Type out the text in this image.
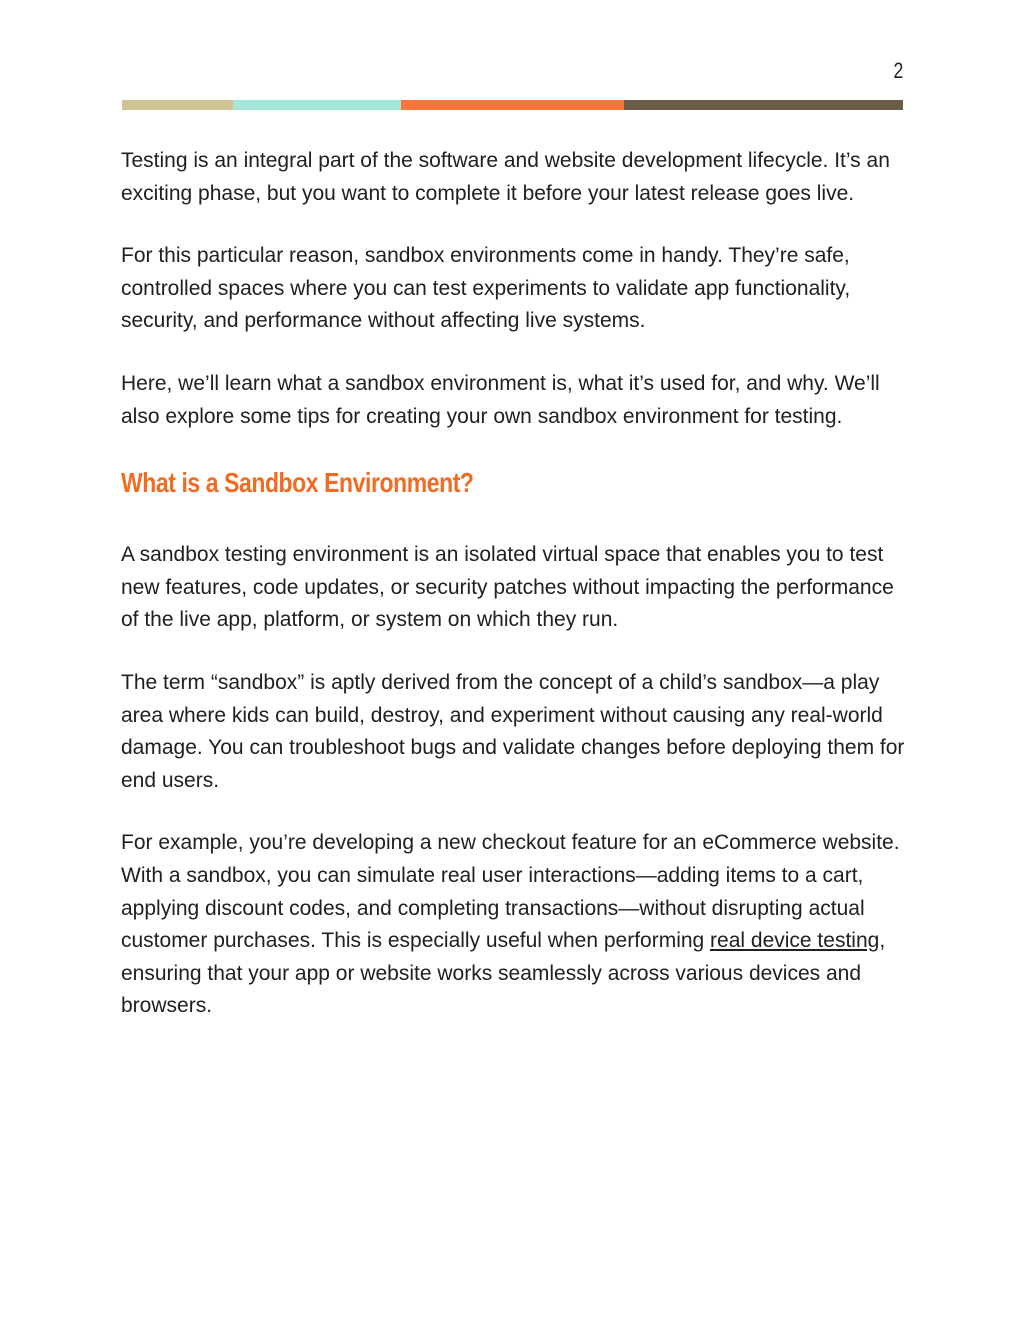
2

Testing is an integral part of the software and website development lifecycle. It’s an exciting phase, but you want to complete it before your latest release goes live.

For this particular reason, sandbox environments come in handy. They’re safe, controlled spaces where you can test experiments to validate app functionality, security, and performance without affecting live systems.

Here, we’ll learn what a sandbox environment is, what it’s used for, and why. We’ll also explore some tips for creating your own sandbox environment for testing.

What is a Sandbox Environment?

A sandbox testing environment is an isolated virtual space that enables you to test new features, code updates, or security patches without impacting the performance of the live app, platform, or system on which they run.

The term “sandbox” is aptly derived from the concept of a child’s sandbox—a play area where kids can build, destroy, and experiment without causing any real-world damage. You can troubleshoot bugs and validate changes before deploying them for end users.

For example, you’re developing a new checkout feature for an eCommerce website. With a sandbox, you can simulate real user interactions—adding items to a cart, applying discount codes, and completing transactions—without disrupting actual customer purchases. This is especially useful when performing real device testing, ensuring that your app or website works seamlessly across various devices and browsers.
